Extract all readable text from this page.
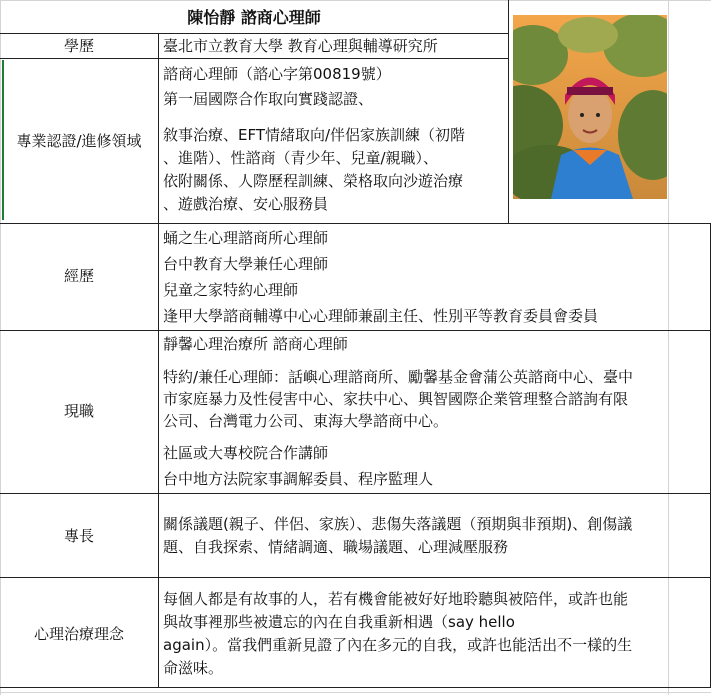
陳怡靜 諮商心理師
學歷	臺北市立教育大學 教育心理與輔導研究所
專業認證/進修領域
諮商心理師（諮心字第00819號）
第一屆國際合作取向實踐認證、
敘事治療、EFT情緒取向/伴侶家族訓練（初階
、進階）、性諮商（青少年、兒童/親職）、
依附關係、人際歷程訓練、榮格取向沙遊治療
、遊戲治療、安心服務員
經歷
蛹之生心理諮商所心理師
台中教育大學兼任心理師
兒童之家特約心理師
逢甲大學諮商輔導中心心理師兼副主任、性別平等教育委員會委員
現職
靜馨心理治療所 諮商心理師
特約/兼任心理師：話嶼心理諮商所、勵馨基金會蒲公英諮商中心、臺中
市家庭暴力及性侵害中心、家扶中心、興智國際企業管理整合諮詢有限
公司、台灣電力公司、東海大學諮商中心。
社區或大專校院合作講師
台中地方法院家事調解委員、程序監理人
專長
關係議題(親子、伴侶、家族）、悲傷失落議題（預期與非預期)、創傷議
題、自我探索、情緒調適、職場議題、心理減壓服務
心理治療理念
每個人都是有故事的人，若有機會能被好好地聆聽與被陪伴，或許也能
與故事裡那些被遺忘的內在自我重新相遇（say hello
again）。當我們重新見證了內在多元的自我，或許也能活出不一樣的生
命滋味。
